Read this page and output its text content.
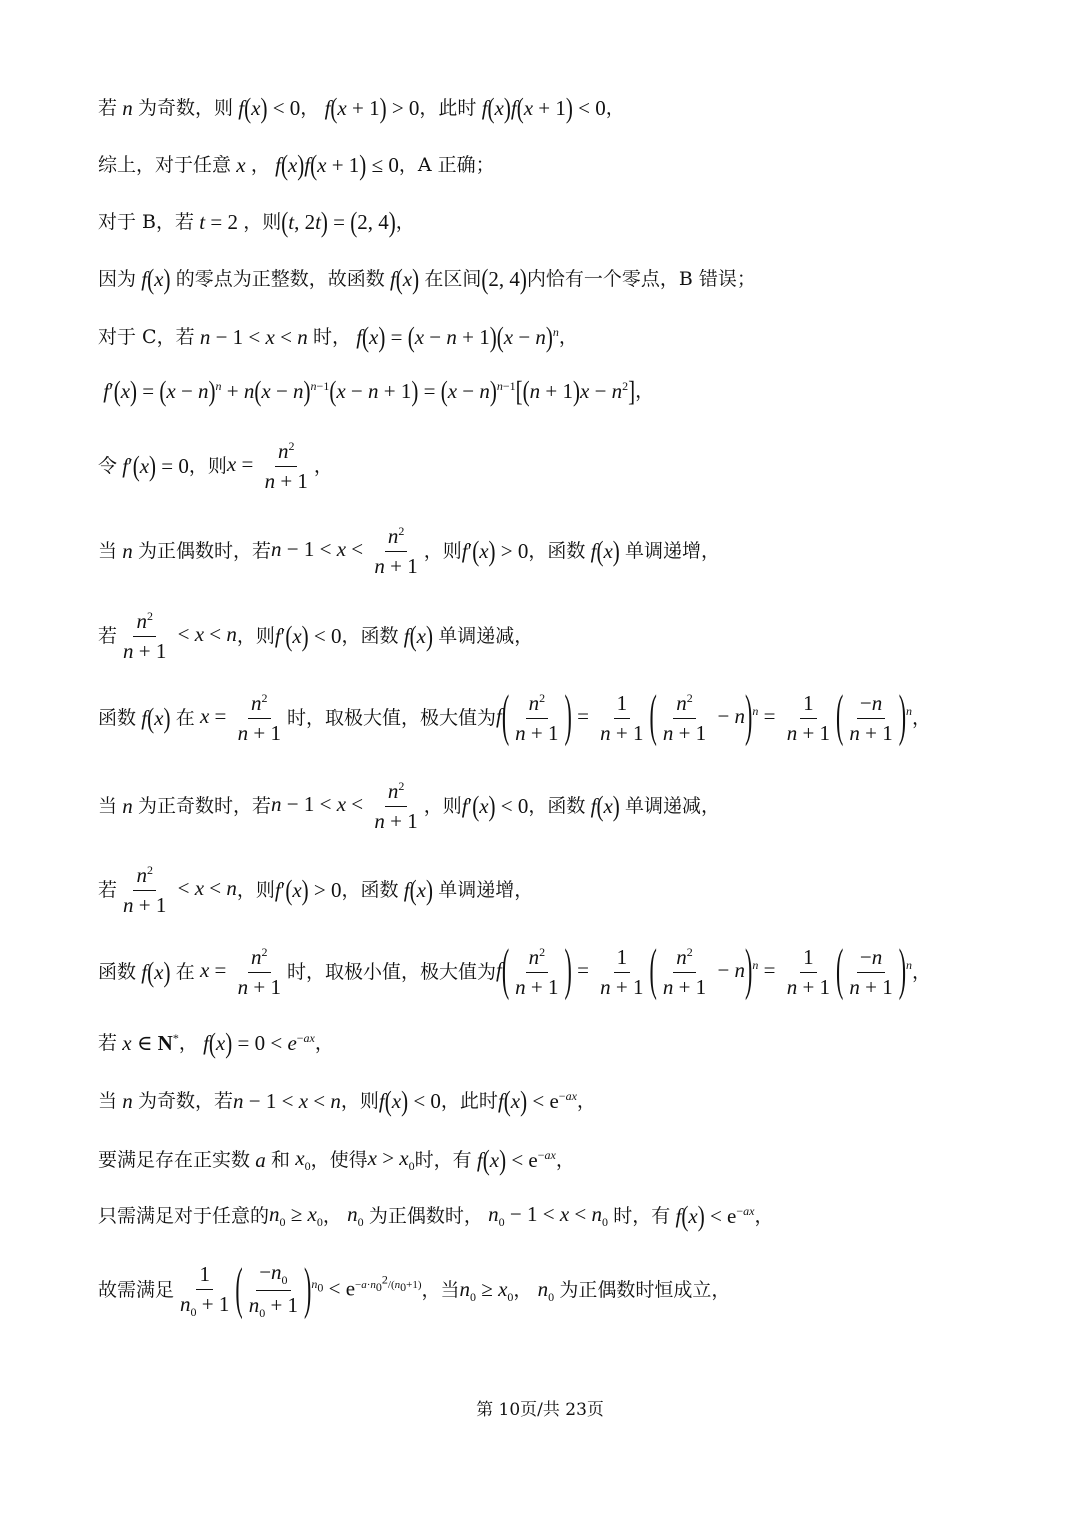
若 n 为奇数，则 f(x) < 0 ， f(x + 1) > 0 ，此时 f(x)f(x + 1) < 0 ，
综上，对于任意 x ， f(x)f(x + 1) ≤ 0 ，A 正确；
对于 B，若 t = 2 ，则 (t, 2t) = (2, 4) ，
因为 f(x) 的零点为正整数，故函数 f(x) 在区间 (2, 4) 内恰有一个零点，B 错误；
对于 C，若 n − 1 < x < n 时， $f(x) = (x - n + 1)(x - n)^n$ ，
$f'(x) = (x - n)^n + n(x - n)^{n-1}(x - n + 1) = (x - n)^{n-1}[(n + 1)x - n^2]$ ，
令 f′(x) = 0 ，则 $x = \frac{n^2}{n + 1}$ ，
当 n 为正偶数时，若 $n - 1 < x < \frac{n^2}{n + 1}$ ，则 f′(x) > 0 ，函数 f(x) 单调递增，
若 $\frac{n^2}{n + 1} < x < n$ ，则 f′(x) < 0 ，函数 f(x) 单调递减，
函数 f(x) 在 $x = \frac{n^2}{n + 1}$ 时，取极大值，极大值为 $f( \frac{n^2}{n + 1}$ ) = $\frac{1}{n + 1}$ ( $\frac{n^2}{n + 1} - n)^n = \frac{1}{n + 1}$ ( $\frac{-n}{n + 1} )^n$ ，
当 n 为正奇数时，若 $n - 1 < x < \frac{n^2}{n + 1}$ ，则 f′(x) < 0 ，函数 f(x) 单调递减，
若 $\frac{n^2}{n + 1} < x < n$ ，则 f′(x) > 0 ，函数 f(x) 单调递增，
函数 f(x) 在 $x = \frac{n^2}{n + 1}$ 时，取极小值，极大值为 $f( \frac{n^2}{n + 1}$ ) = $\frac{1}{n + 1}$ ( $\frac{n^2}{n + 1} - n)^n = \frac{1}{n + 1}$ ( $\frac{-n}{n + 1} )^n$ ，
若 x ∈ N* ， $f(x) = 0 < e^{-ax}$ ，
当 n 为奇数，若 n − 1 < x < n ，则 f(x) < 0 ，此时 $f(x) < e^{-ax}$ ，
要满足存在正实数 a 和 $x_0$ ，使得 $x > x_0$ 时，有 $f(x) < e^{-ax}$ ，
只需满足对于任意的 $n_0 \ge x_0$ ， $n_0$ 为正偶数时， $n_0 - 1 < x < n_0$ 时，有 $f(x) < e^{-ax}$ ，
故需满足 $\frac{1}{n_0 + 1}$ ( $\frac{-n_0}{n_0 + 1} )^{n_0} < e^{-a\cdot n_0^2/(n_0+1)}$ ，当 $n_0 \ge x_0$ ， $n_0$ 为正偶数时恒成立，
第 10页/共 23页
